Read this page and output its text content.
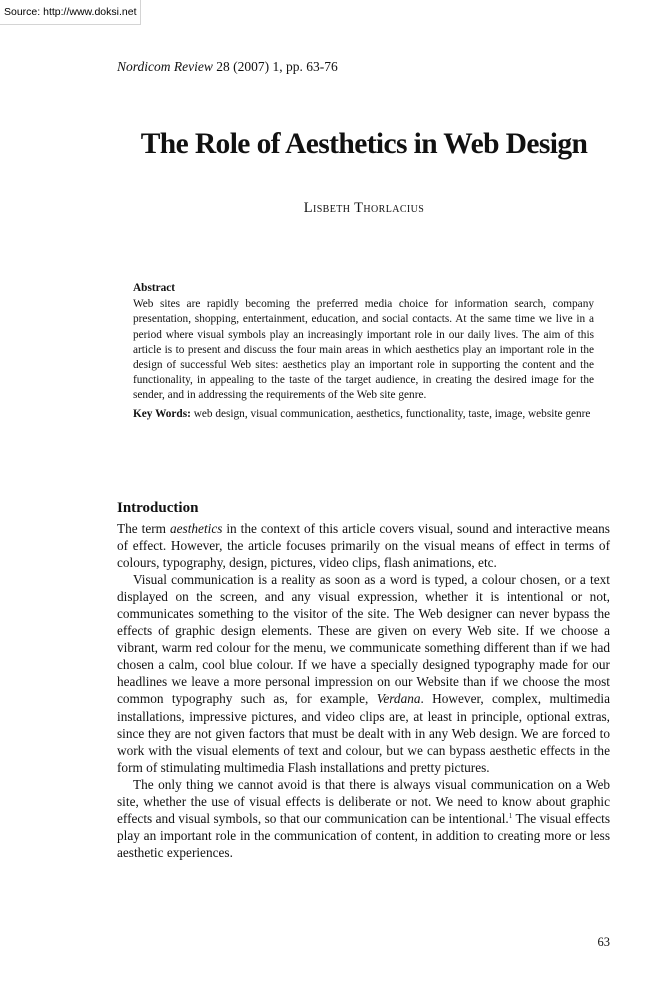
Source: http://www.doksi.net
Nordicom Review 28 (2007) 1, pp. 63-76
The Role of Aesthetics in Web Design
Lisbeth Thorlacius
Abstract

Web sites are rapidly becoming the preferred media choice for information search, company presentation, shopping, entertainment, education, and social contacts. At the same time we live in a period where visual symbols play an increasingly important role in our daily lives. The aim of this article is to present and discuss the four main areas in which aesthetics play an important role in the design of successful Web sites: aesthetics play an important role in supporting the content and the functionality, in appealing to the taste of the target audience, in creating the desired image for the sender, and in addressing the requirements of the Web site genre.

Key Words: web design, visual communication, aesthetics, functionality, taste, image, website genre

Introduction

The term aesthetics in the context of this article covers visual, sound and interactive means of effect. However, the article focuses primarily on the visual means of effect in terms of colours, typography, design, pictures, video clips, flash animations, etc.

Visual communication is a reality as soon as a word is typed, a colour chosen, or a text displayed on the screen, and any visual expression, whether it is intentional or not, communicates something to the visitor of the site. The Web designer can never bypass the effects of graphic design elements. These are given on every Web site. If we choose a vibrant, warm red colour for the menu, we communicate something different than if we had chosen a calm, cool blue colour. If we have a specially designed typography made for our headlines we leave a more personal impression on our Website than if we choose the most common typography such as, for example, Verdana. However, complex, multimedia installations, impressive pictures, and video clips are, at least in principle, optional extras, since they are not given factors that must be dealt with in any Web design. We are forced to work with the visual elements of text and colour, but we can bypass aesthetic effects in the form of stimulating multimedia Flash installations and pretty pictures.

The only thing we cannot avoid is that there is always visual communication on a Web site, whether the use of visual effects is deliberate or not. We need to know about graphic effects and visual symbols, so that our communication can be intentional.$^1$ The visual effects play an important role in the communication of content, in addition to creating more or less aesthetic experiences.

63
